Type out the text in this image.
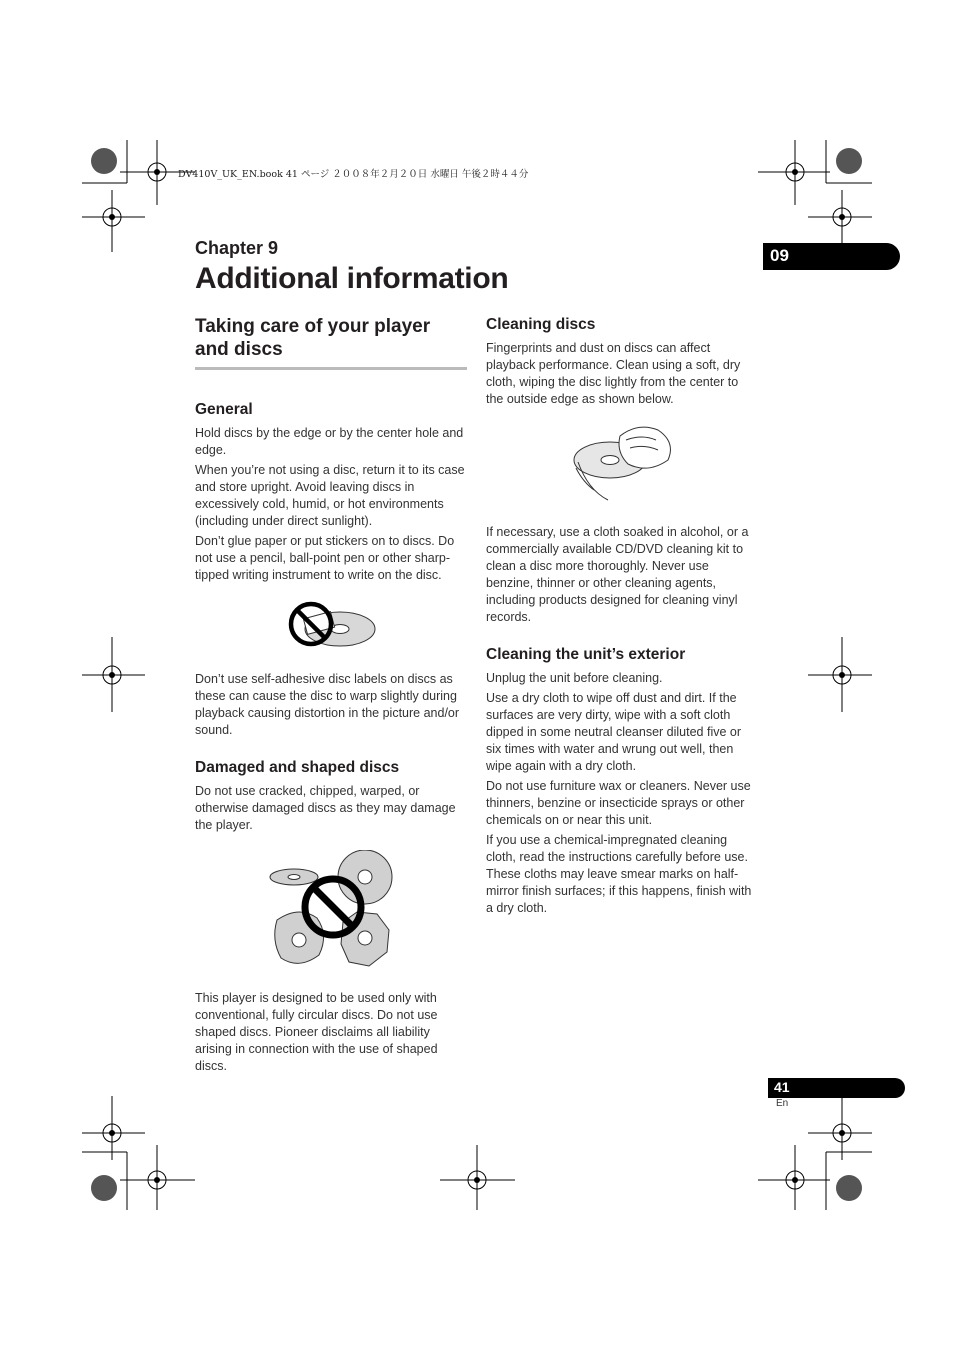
DV410V_UK_EN.book 41 ページ ２００８年２月２０日 水曜日 午後２時４４分
Chapter 9
Additional information
09
Taking care of your player and discs
General

Hold discs by the edge or by the center hole and edge.

When you’re not using a disc, return it to its case and store upright. Avoid leaving discs in excessively cold, humid, or hot environments (including under direct sunlight).

Don’t glue paper or put stickers on to discs. Do not use a pencil, ball-point pen or other sharp-tipped writing instrument to write on the disc.

Don’t use self-adhesive disc labels on discs as these can cause the disc to warp slightly during playback causing distortion in the picture and/or sound.

Damaged and shaped discs

Do not use cracked, chipped, warped, or otherwise damaged discs as they may damage the player.

This player is designed to be used only with conventional, fully circular discs. Do not use shaped discs. Pioneer disclaims all liability arising in connection with the use of shaped discs.

Cleaning discs

Fingerprints and dust on discs can affect playback performance. Clean using a soft, dry cloth, wiping the disc lightly from the center to the outside edge as shown below.

If necessary, use a cloth soaked in alcohol, or a commercially available CD/DVD cleaning kit to clean a disc more thoroughly. Never use benzine, thinner or other cleaning agents, including products designed for cleaning vinyl records.

Cleaning the unit’s exterior

Unplug the unit before cleaning.

Use a dry cloth to wipe off dust and dirt. If the surfaces are very dirty, wipe with a soft cloth dipped in some neutral cleanser diluted five or six times with water and wrung out well, then wipe again with a dry cloth.

Do not use furniture wax or cleaners. Never use thinners, benzine or insecticide sprays or other chemicals on or near this unit.

If you use a chemical-impregnated cleaning cloth, read the instructions carefully before use. These cloths may leave smear marks on half-mirror finish surfaces; if this happens, finish with a dry cloth.

41
En
